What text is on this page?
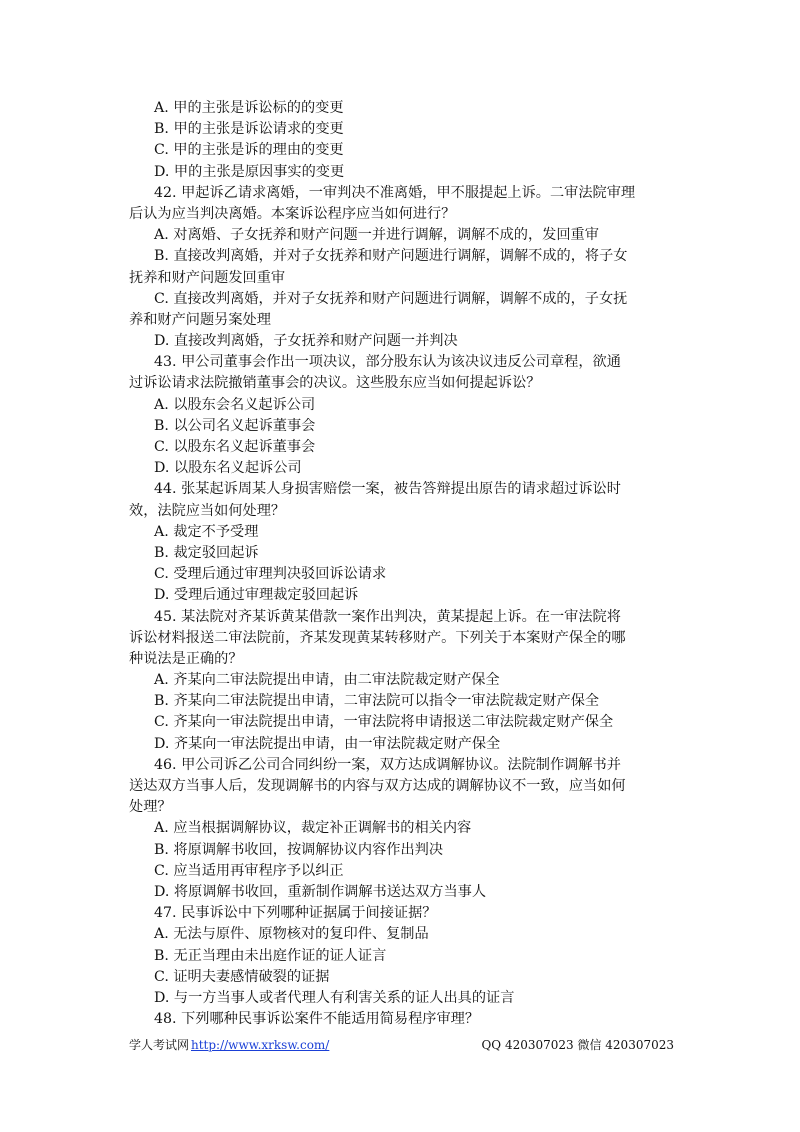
A. 甲的主张是诉讼标的的变更
B. 甲的主张是诉讼请求的变更
C. 甲的主张是诉的理由的变更
D. 甲的主张是原因事实的变更
42. 甲起诉乙请求离婚，一审判决不准离婚，甲不服提起上诉。二审法院审理
后认为应当判决离婚。本案诉讼程序应当如何进行？
A. 对离婚、子女抚养和财产问题一并进行调解，调解不成的，发回重审
B. 直接改判离婚，并对子女抚养和财产问题进行调解，调解不成的，将子女
抚养和财产问题发回重审
C. 直接改判离婚，并对子女抚养和财产问题进行调解，调解不成的，子女抚
养和财产问题另案处理
D. 直接改判离婚，子女抚养和财产问题一并判决
43. 甲公司董事会作出一项决议，部分股东认为该决议违反公司章程，欲通
过诉讼请求法院撤销董事会的决议。这些股东应当如何提起诉讼？
A. 以股东会名义起诉公司
B. 以公司名义起诉董事会
C. 以股东名义起诉董事会
D. 以股东名义起诉公司
44. 张某起诉周某人身损害赔偿一案，被告答辩提出原告的请求超过诉讼时
效，法院应当如何处理？
A. 裁定不予受理
B. 裁定驳回起诉
C. 受理后通过审理判决驳回诉讼请求
D. 受理后通过审理裁定驳回起诉
45. 某法院对齐某诉黄某借款一案作出判决，黄某提起上诉。在一审法院将
诉讼材料报送二审法院前，齐某发现黄某转移财产。下列关于本案财产保全的哪
种说法是正确的？
A. 齐某向二审法院提出申请，由二审法院裁定财产保全
B. 齐某向二审法院提出申请，二审法院可以指令一审法院裁定财产保全
C. 齐某向一审法院提出申请，一审法院将申请报送二审法院裁定财产保全
D. 齐某向一审法院提出申请，由一审法院裁定财产保全
46. 甲公司诉乙公司合同纠纷一案，双方达成调解协议。法院制作调解书并
送达双方当事人后，发现调解书的内容与双方达成的调解协议不一致，应当如何
处理？
A. 应当根据调解协议，裁定补正调解书的相关内容
B. 将原调解书收回，按调解协议内容作出判决
C. 应当适用再审程序予以纠正
D. 将原调解书收回，重新制作调解书送达双方当事人
47. 民事诉讼中下列哪种证据属于间接证据？
A. 无法与原件、原物核对的复印件、复制品
B. 无正当理由未出庭作证的证人证言
C. 证明夫妻感情破裂的证据
D. 与一方当事人或者代理人有利害关系的证人出具的证言
48. 下列哪种民事诉讼案件不能适用简易程序审理？
学人考试网 http://www.xrksw.com/	QQ 420307023 微信 420307023
